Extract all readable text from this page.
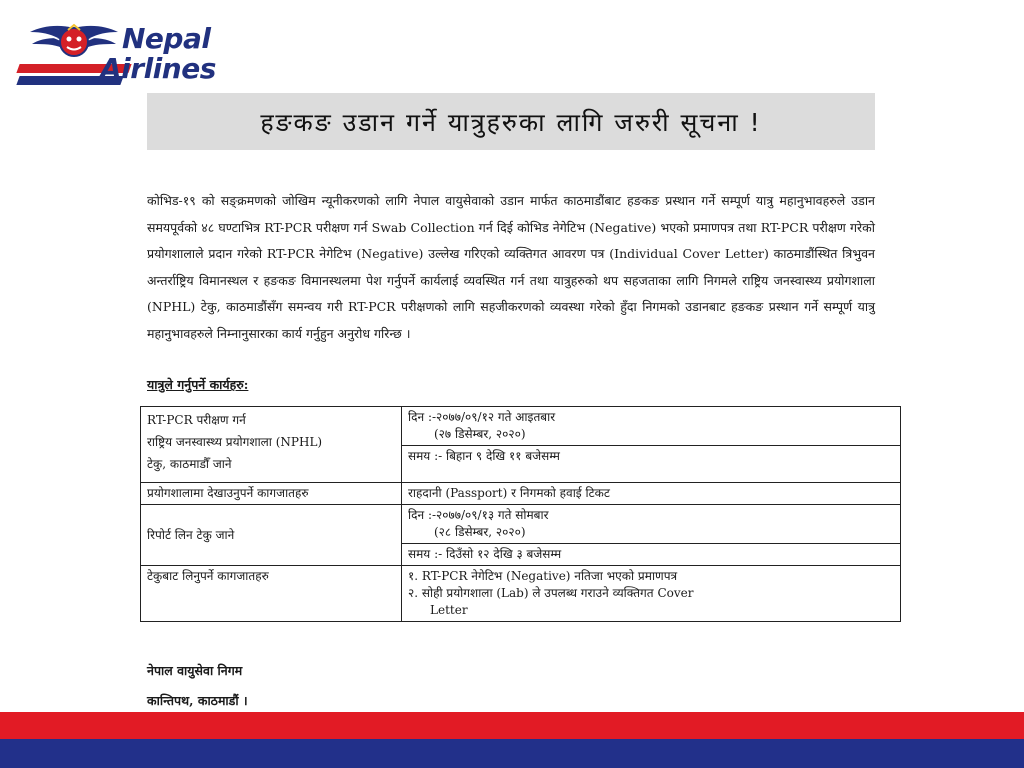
Nepal
Airlines
हङकङ उडान गर्ने यात्रुहरुका लागि जरुरी सूचना !

कोभिड-१९ को सङ्क्रमणको जोखिम न्यूनीकरणको लागि नेपाल वायुसेवाको उडान मार्फत काठमाडौंबाट हङकङ प्रस्थान गर्ने सम्पूर्ण यात्रु महानुभावहरुले उडान समयपूर्वको ४८ घण्टाभित्र RT-PCR परीक्षण गर्न Swab Collection गर्न दिई कोभिड नेगेटिभ (Negative) भएको प्रमाणपत्र तथा RT-PCR परीक्षण गरेको प्रयोगशालाले प्रदान गरेको RT-PCR नेगेटिभ (Negative) उल्लेख गरिएको व्यक्तिगत आवरण पत्र (Individual Cover Letter) काठमाडौंस्थित त्रिभुवन अन्तर्राष्ट्रिय विमानस्थल र हङकङ विमानस्थलमा पेश गर्नुपर्ने कार्यलाई व्यवस्थित गर्न तथा यात्रुहरुको थप सहजताका लागि निगमले राष्ट्रिय जनस्वास्थ्य प्रयोगशाला (NPHL) टेकु, काठमाडौंसँग समन्वय गरी RT-PCR परीक्षणको लागि सहजीकरणको व्यवस्था गरेको हुँदा निगमको उडानबाट हङकङ प्रस्थान गर्ने सम्पूर्ण यात्रु महानुभावहरुले निम्नानुसारका कार्य गर्नुहुन अनुरोध गरिन्छ ।

यात्रुले गर्नुपर्ने कार्यहरु:

RT-PCR परीक्षण गर्न
राष्ट्रिय जनस्वास्थ्य प्रयोगशाला (NPHL)
टेकु, काठमाडौँ जाने	दिन :-२०७७/०९/१२ गते आइतबार
(२७ डिसेम्बर, २०२०)

	समय :- बिहान ९ देखि ११ बजेसम्म
प्रयोगशालामा देखाउनुपर्ने कागजातहरु	राहदानी (Passport) र निगमको हवाई टिकट
रिपोर्ट लिन टेकु जाने	दिन :-२०७७/०९/१३ गते सोमबार
(२८ डिसेम्बर, २०२०)

	समय :- दिउँसो १२ देखि ३ बजेसम्म
टेकुबाट लिनुपर्ने कागजातहरु	१. RT-PCR नेगेटिभ (Negative) नतिजा भएको प्रमाणपत्र
२. सोही प्रयोगशाला (Lab) ले उपलब्ध गराउने व्यक्तिगत Cover
Letter

नेपाल वायुसेवा निगम

कान्तिपथ, काठमाडौं ।
